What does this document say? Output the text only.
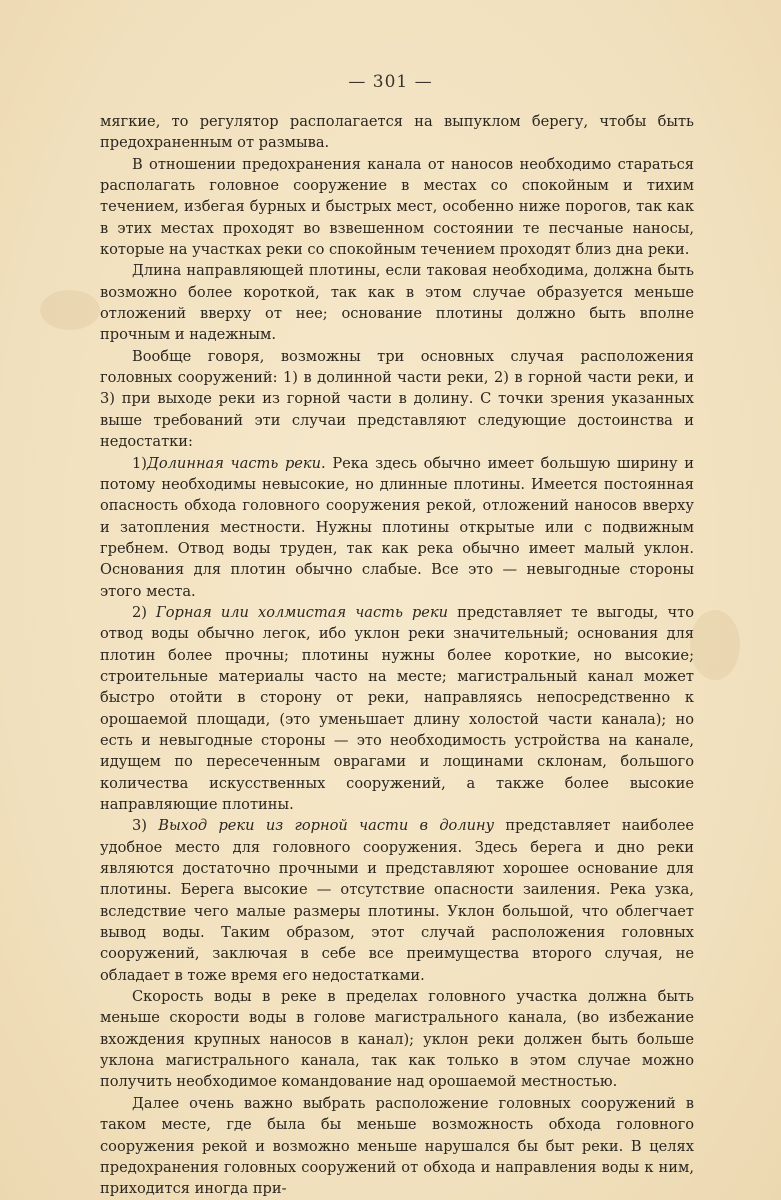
— 301 —

мягкие, то регулятор располагается на выпуклом берегу, чтобы быть предохраненным от размыва.

В отношении предохранения канала от наносов необходимо стараться располагать головное сооружение в местах со спокойным и тихим течением, избегая бурных и быстрых мест, особенно ниже порогов, так как в этих местах проходят во взвешенном состоянии те песчаные наносы, которые на участках реки со спокойным течением проходят близ дна реки.

Длина направляющей плотины, если таковая необходима, должна быть возможно более короткой, так как в этом случае образуется меньше отложений вверху от нее; основание плотины должно быть вполне прочным и надежным.

Вообще говоря, возможны три основных случая расположения головных сооружений: 1) в долинной части реки, 2) в горной части реки, и 3) при выходе реки из горной части в долину. С точки зрения указанных выше требований эти случаи представляют следующие достоинства и недостатки:

1)Долинная часть реки. Река здесь обычно имеет большую ширину и потому необходимы невысокие, но длинные плотины. Имеется постоянная опасность обхода головного сооружения рекой, отложений наносов вверху и затопления местности. Нужны плотины открытые или с подвижным гребнем. Отвод воды труден, так как река обычно имеет малый уклон. Основания для плотин обычно слабые. Все это — невыгодные стороны этого места.

2) Горная или холмистая часть реки представляет те выгоды, что отвод воды обычно легок, ибо уклон реки значительный; основания для плотин более прочны; плотины нужны более короткие, но высокие; строительные материалы часто на месте; магистральный канал может быстро отойти в сторону от реки, направляясь непосредственно к орошаемой площади, (это уменьшает длину холостой части канала); но есть и невыгодные стороны — это необходимость устройства на канале, идущем по пересеченным оврагами и лощинами склонам, большого количества искусственных сооружений, а также более высокие направляющие плотины.

3) Выход реки из горной части в долину представляет наиболее удобное место для головного сооружения. Здесь берега и дно реки являются достаточно прочными и представляют хорошее основание для плотины. Берега высокие — отсутствие опасности заиления. Река узка, вследствие чего малые размеры плотины. Уклон большой, что облегчает вывод воды. Таким образом, этот случай расположения головных сооружений, заключая в себе все преимущества второго случая, не обладает в тоже время его недостатками.

Скорость воды в реке в пределах головного участка должна быть меньше скорости воды в голове магистрального канала, (во избежание вхождения крупных наносов в канал); уклон реки должен быть больше уклона магистрального канала, так как только в этом случае можно получить необходимое командование над орошаемой местностью.

Далее очень важно выбрать расположение головных сооружений в таком месте, где была бы меньше возможность обхода головного сооружения рекой и возможно меньше нарушался бы быт реки. В целях предохранения головных сооружений от обхода и направления воды к ним, приходится иногда при-
